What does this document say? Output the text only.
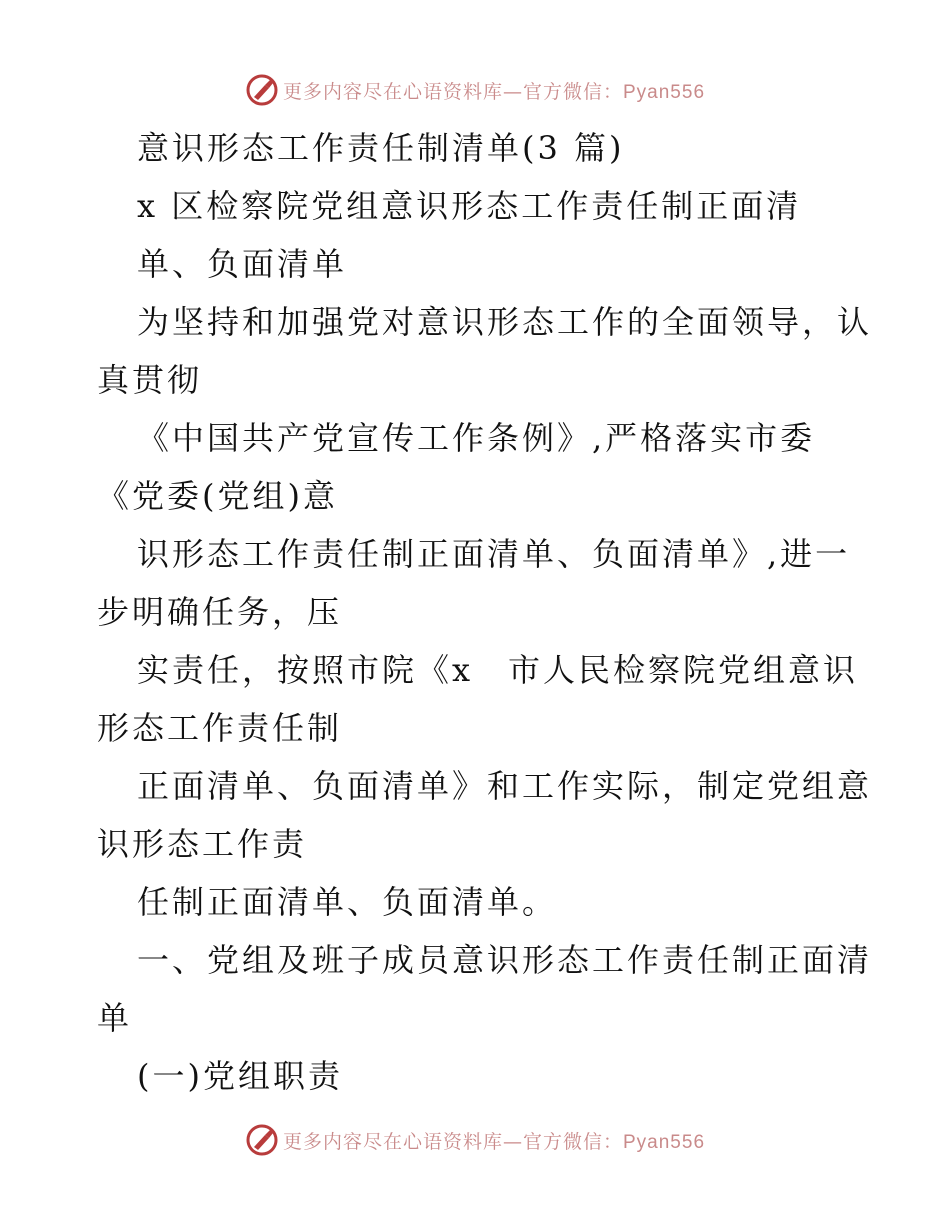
更多内容尽在心语资料库—官方微信：Pyan556
意识形态工作责任制清单(3 篇)
x 区检察院党组意识形态工作责任制正面清
单、负面清单
为坚持和加强党对意识形态工作的全面领导，认
真贯彻
《中国共产党宣传工作条例》,严格落实市委
《党委(党组)意
识形态工作责任制正面清单、负面清单》,进一
步明确任务，压
实责任，按照市院《x　市人民检察院党组意识
形态工作责任制
正面清单、负面清单》和工作实际，制定党组意
识形态工作责
任制正面清单、负面清单。
一、党组及班子成员意识形态工作责任制正面清
单
(一)党组职责
更多内容尽在心语资料库—官方微信：Pyan556
